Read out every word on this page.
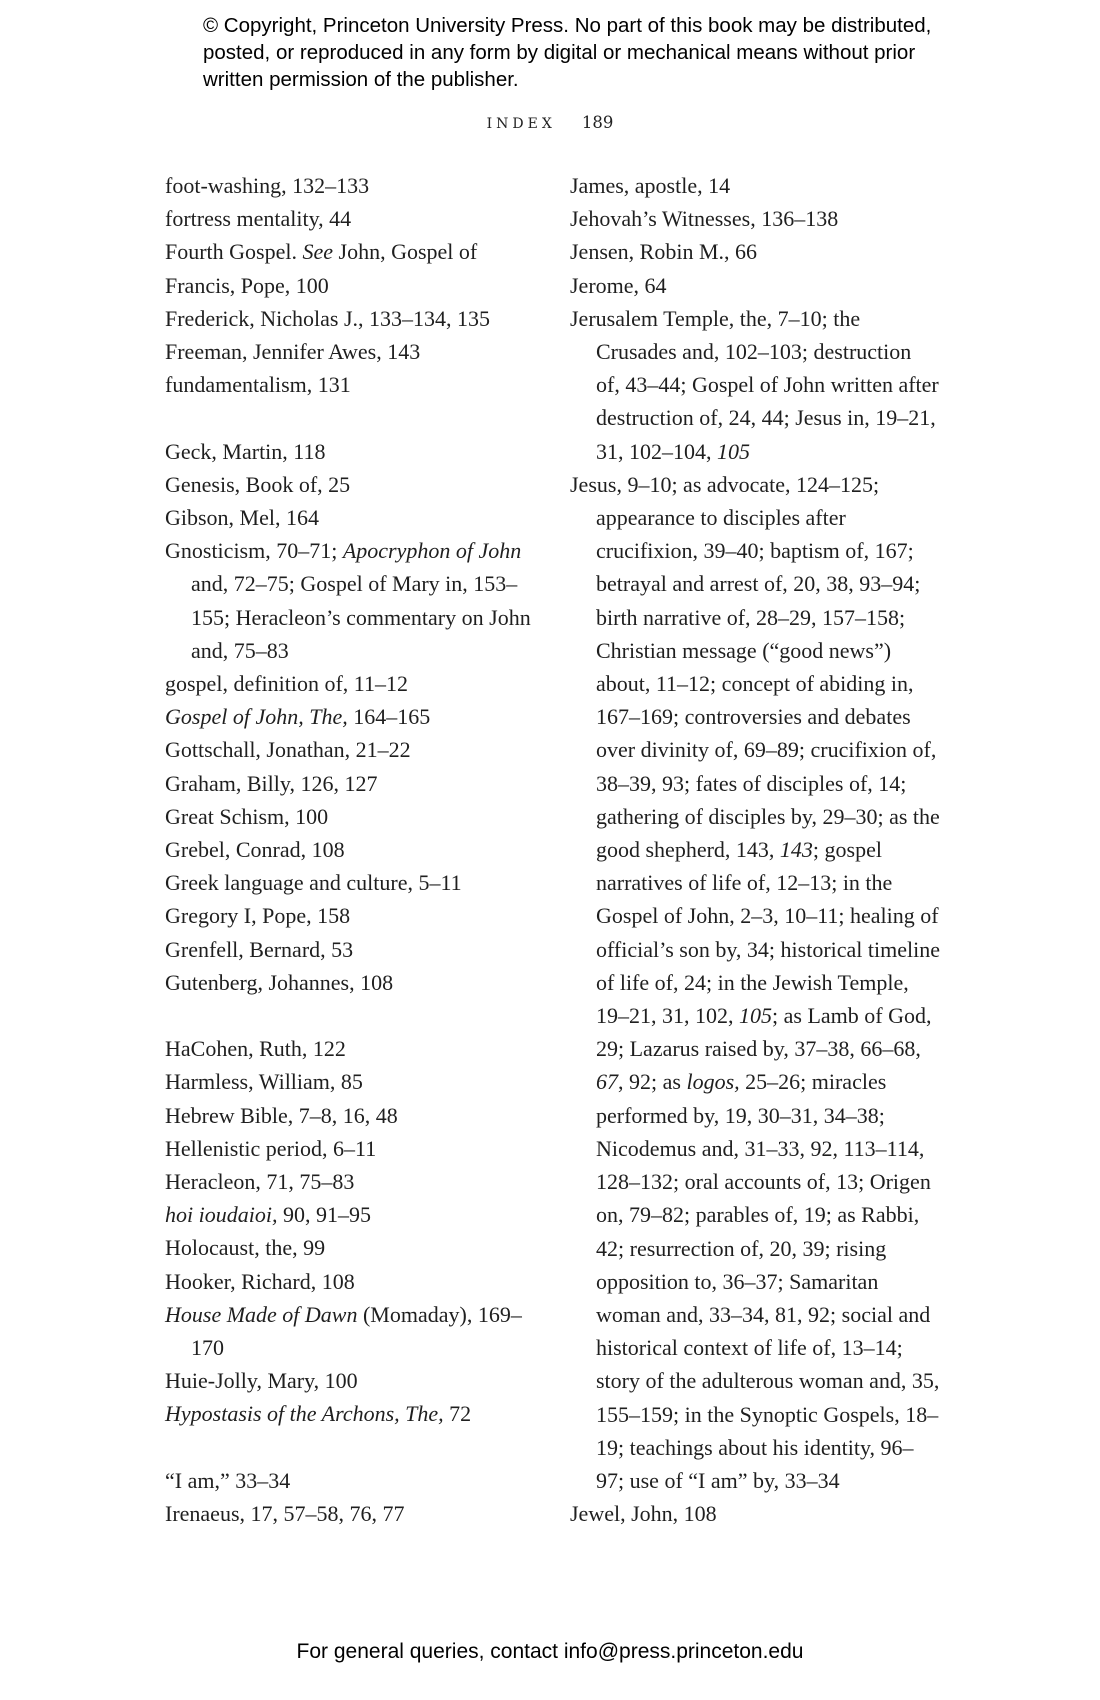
© Copyright, Princeton University Press. No part of this book may be distributed, posted, or reproduced in any form by digital or mechanical means without prior written permission of the publisher.
INDEX 189
foot-washing, 132–133
fortress mentality, 44
Fourth Gospel. See John, Gospel of
Francis, Pope, 100
Frederick, Nicholas J., 133–134, 135
Freeman, Jennifer Awes, 143
fundamentalism, 131
Geck, Martin, 118
Genesis, Book of, 25
Gibson, Mel, 164
Gnosticism, 70–71; Apocryphon of John and, 72–75; Gospel of Mary in, 153–155; Heracleon’s commentary on John and, 75–83
gospel, definition of, 11–12
Gospel of John, The, 164–165
Gottschall, Jonathan, 21–22
Graham, Billy, 126, 127
Great Schism, 100
Grebel, Conrad, 108
Greek language and culture, 5–11
Gregory I, Pope, 158
Grenfell, Bernard, 53
Gutenberg, Johannes, 108
HaCohen, Ruth, 122
Harmless, William, 85
Hebrew Bible, 7–8, 16, 48
Hellenistic period, 6–11
Heracleon, 71, 75–83
hoi ioudaioi, 90, 91–95
Holocaust, the, 99
Hooker, Richard, 108
House Made of Dawn (Momaday), 169–170
Huie-Jolly, Mary, 100
Hypostasis of the Archons, The, 72
“I am,” 33–34
Irenaeus, 17, 57–58, 76, 77
James, apostle, 14
Jehovah’s Witnesses, 136–138
Jensen, Robin M., 66
Jerome, 64
Jerusalem Temple, the, 7–10; the Crusades and, 102–103; destruction of, 43–44; Gospel of John written after destruction of, 24, 44; Jesus in, 19–21, 31, 102–104, 105
Jesus, 9–10; as advocate, 124–125; appearance to disciples after crucifixion, 39–40; baptism of, 167; betrayal and arrest of, 20, 38, 93–94; birth narrative of, 28–29, 157–158; Christian message (“good news”) about, 11–12; concept of abiding in, 167–169; controversies and debates over divinity of, 69–89; crucifixion of, 38–39, 93; fates of disciples of, 14; gathering of disciples by, 29–30; as the good shepherd, 143, 143; gospel narratives of life of, 12–13; in the Gospel of John, 2–3, 10–11; healing of official’s son by, 34; historical timeline of life of, 24; in the Jewish Temple, 19–21, 31, 102, 105; as Lamb of God, 29; Lazarus raised by, 37–38, 66–68, 67, 92; as logos, 25–26; miracles performed by, 19, 30–31, 34–38; Nicodemus and, 31–33, 92, 113–114, 128–132; oral accounts of, 13; Origen on, 79–82; parables of, 19; as Rabbi, 42; resurrection of, 20, 39; rising opposition to, 36–37; Samaritan woman and, 33–34, 81, 92; social and historical context of life of, 13–14; story of the adulterous woman and, 35, 155–159; in the Synoptic Gospels, 18–19; teachings about his identity, 96–97; use of “I am” by, 33–34
Jewel, John, 108
For general queries, contact info@press.princeton.edu
